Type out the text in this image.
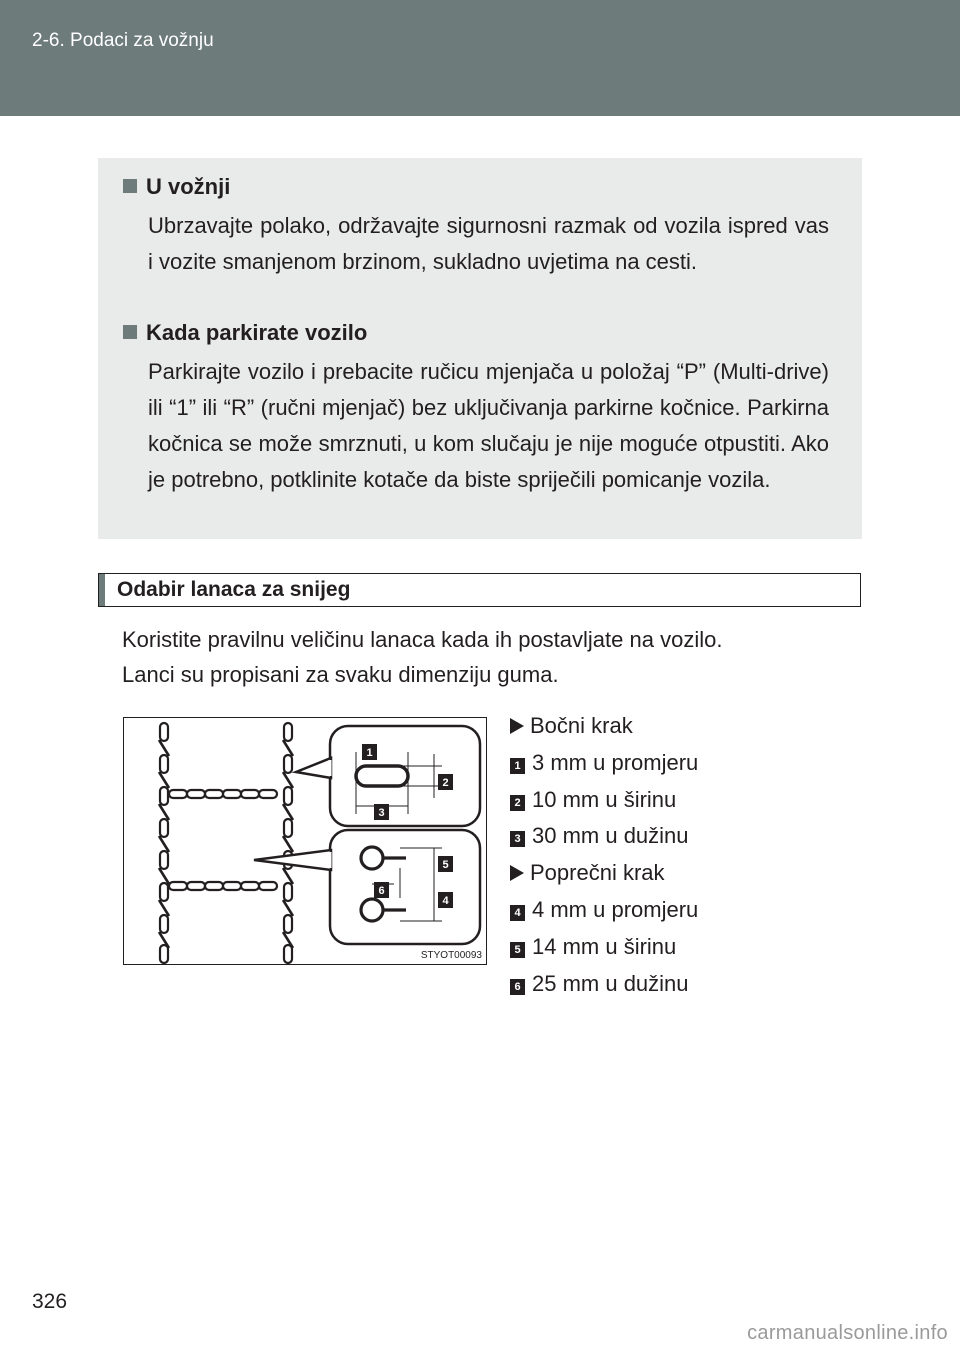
2-6. Podaci za vožnju
U vožnji
Ubrzavajte polako, održavajte sigurnosni razmak od vozila ispred vas i vozite smanjenom brzinom, sukladno uvjetima na cesti.
Kada parkirate vozilo
Parkirajte vozilo i prebacite ručicu mjenjača u položaj “P” (Multi-drive) ili “1” ili “R” (ručni mjenjač) bez uključivanja parkirne kočnice. Parkirna kočnica se može smrznuti, u kom slučaju je nije moguće otpustiti. Ako je potrebno, potklinite kotače da biste spriječili pomicanje vozila.
Odabir lanaca za snijeg
Koristite pravilnu veličinu lanaca kada ih postavljate na vozilo.
Lanci su propisani za svaku dimenziju guma.
1
2
3
4
5
6
STYOT00093
Bočni krak
1 3 mm u promjeru
2 10 mm u širinu
3 30 mm u dužinu
Poprečni krak
4 4 mm u promjeru
5 14 mm u širinu
6 25 mm u dužinu
326
carmanualsonline.info
